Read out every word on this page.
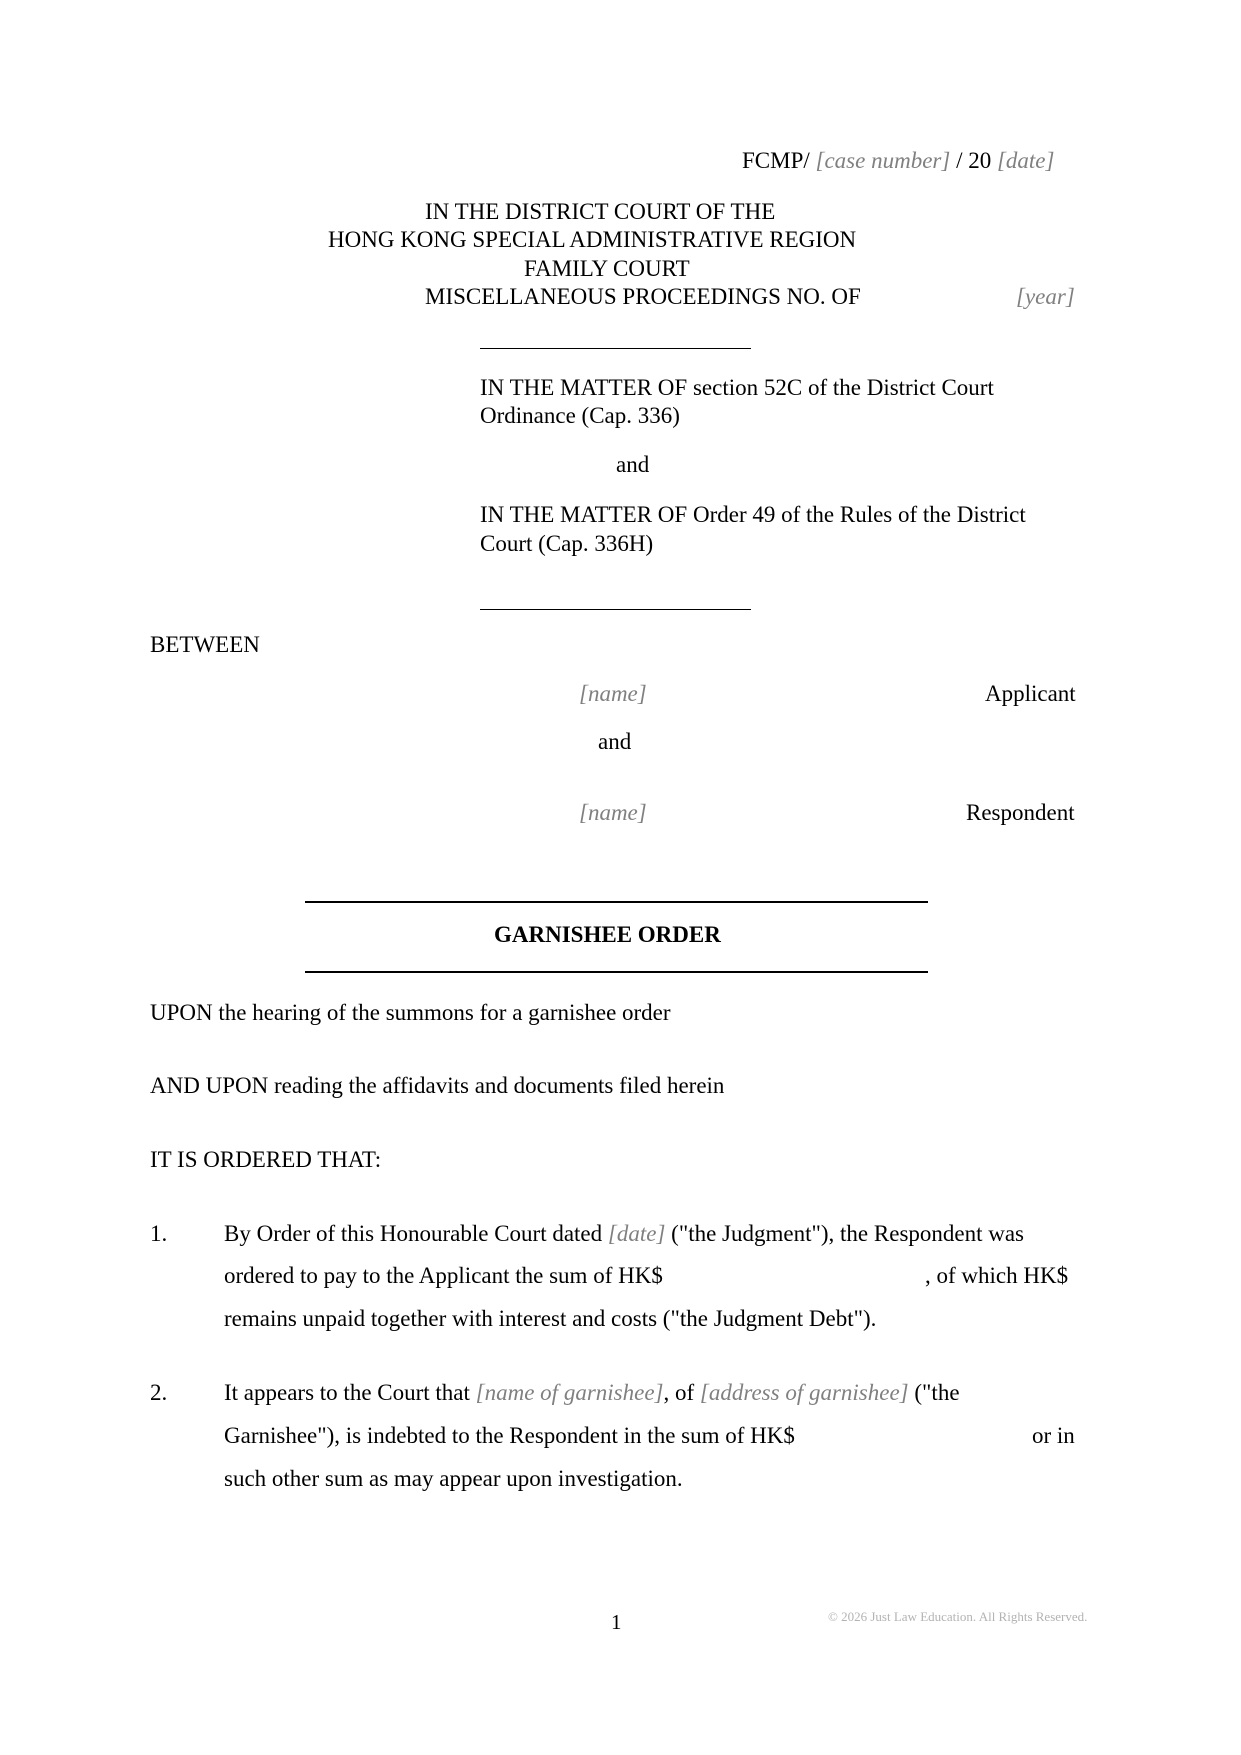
FCMP/ [case number] / 20 [date]
IN THE DISTRICT COURT OF THE
HONG KONG SPECIAL ADMINISTRATIVE REGION
FAMILY COURT
MISCELLANEOUS PROCEEDINGS NO. OF	[year]
IN THE MATTER OF section 52C of the District Court
Ordinance (Cap. 336)
and
IN THE MATTER OF Order 49 of the Rules of the District
Court (Cap. 336H)
BETWEEN
[name]	Applicant
and
[name]	Respondent
GARNISHEE ORDER
UPON the hearing of the summons for a garnishee order
AND UPON reading the affidavits and documents filed herein
IT IS ORDERED THAT:
1. By Order of this Honourable Court dated [date] ("the Judgment"), the Respondent was
ordered to pay to the Applicant the sum of HK$	, of which HK$
remains unpaid together with interest and costs ("the Judgment Debt").
2. It appears to the Court that [name of garnishee], of [address of garnishee] ("the
Garnishee"), is indebted to the Respondent in the sum of HK$	or in
such other sum as may appear upon investigation.
1	© 2026 Just Law Education. All Rights Reserved.
